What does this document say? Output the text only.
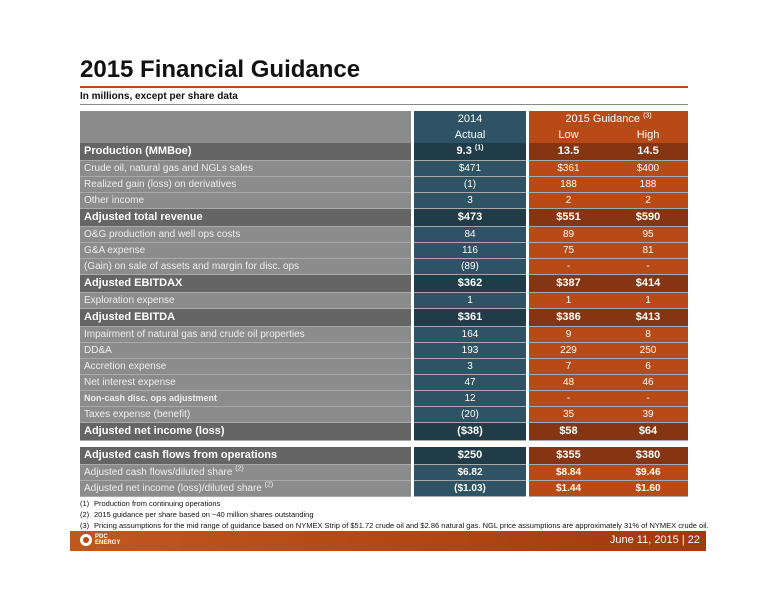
2015 Financial Guidance
In millions, except per share data
		2014		2015 Guidance $^{(3)}$
		Actual		Low	High
Production (MMBoe)		9.3 $^{(1)}$		13.5	14.5
Crude oil, natural gas and NGLs sales		$471		$361	$400
Realized gain (loss) on derivatives		(1)		188	188
Other income		3		2	2
Adjusted total revenue		$473		$551	$590
O&G production and well ops costs		84		89	95
G&A expense		116		75	81
(Gain) on sale of assets and margin for disc. ops		(89)		-	-
Adjusted EBITDAX		$362		$387	$414
Exploration expense		1		1	1
Adjusted EBITDA		$361		$386	$413
Impairment of natural gas and crude oil properties		164		9	8
DD&A		193		229	250
Accretion expense		3		7	6
Net interest expense		47		48	46
Non-cash disc. ops adjustment		12		-	-
Taxes expense (benefit)		(20)		35	39
Adjusted net income (loss)		($38)		$58	$64

Adjusted cash flows from operations		$250		$355	$380
Adjusted cash flows/diluted share $^{(2)}$		$6.82		$8.84	$9.46
Adjusted net income (loss)/diluted share $^{(2)}$		($1.03)		$1.44	$1.60
(1) Production from continuing operations
(2) 2015 guidance per share based on ~40 million shares outstanding
(3) Pricing assumptions for the mid range of guidance based on NYMEX Strip of $51.72 crude oil and $2.86 natural gas. NGL price assumptions are approximately 31% of NYMEX crude oil.
PDC
ENERGY	June 11, 2015 | 22
